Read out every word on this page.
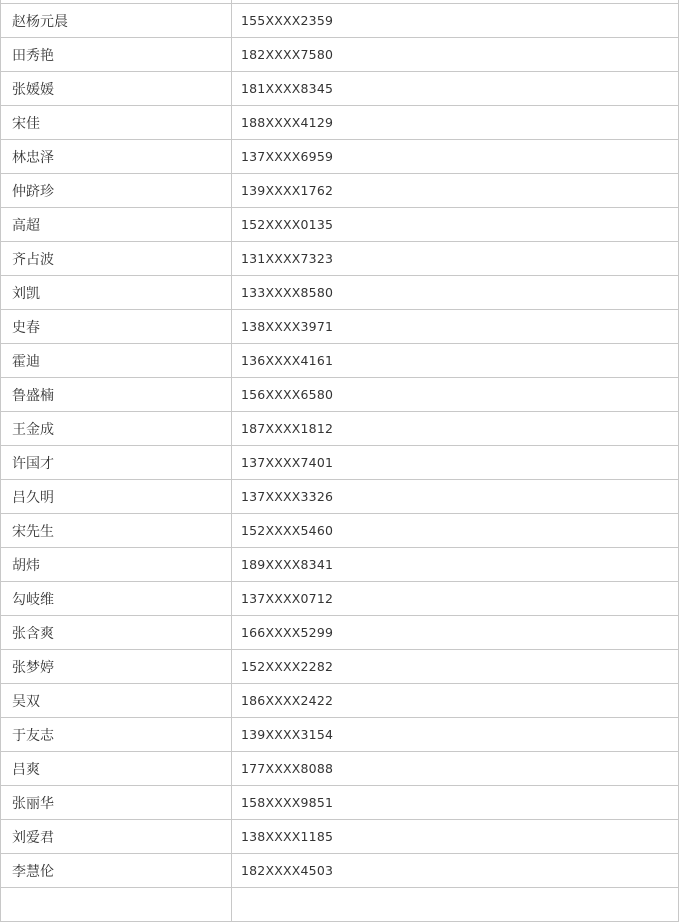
赵杨元晨	155XXXX2359
田秀艳	182XXXX7580
张媛媛	181XXXX8345
宋佳	188XXXX4129
林忠泽	137XXXX6959
仲跻珍	139XXXX1762
高超	152XXXX0135
齐占波	131XXXX7323
刘凯	133XXXX8580
史春	138XXXX3971
霍迪	136XXXX4161
鲁盛楠	156XXXX6580
王金成	187XXXX1812
许国才	137XXXX7401
吕久明	137XXXX3326
宋先生	152XXXX5460
胡炜	189XXXX8341
勾岐维	137XXXX0712
张含爽	166XXXX5299
张梦婷	152XXXX2282
吴双	186XXXX2422
于友志	139XXXX3154
吕爽	177XXXX8088
张丽华	158XXXX9851
刘爱君	138XXXX1185
李慧伦	182XXXX4503
